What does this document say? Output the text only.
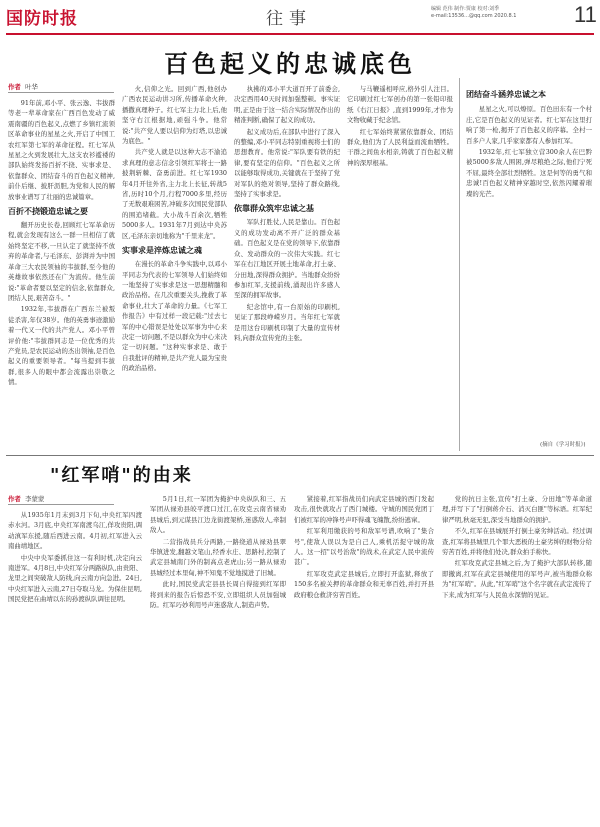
国防时报	往事	编辑 范伟 制作:贾康 校对:刘季
e-mail:13536...@qq.com 2020.8.1	11
百色起义的忠诚底色
作者 叶华

91年前,邓小平、张云逸、韦拔群等老一辈革命家在广西百色发动了威震南疆的百色起义,点燃了乡镇红流领区革命事业的星星之火,开启了中国工农红军第七军的革命征程。红七军从星星之火到发展壮大,这支农衫褴褛的部队始终发扬百折不挠、实事求是、依靠群众、团结奋斗的百色起义精神,前仆后继、披肝沥胆,为党和人民的解放事业谱写了壮丽的忠诚篇章。

百折不挠锻造忠诚之要

翻开历史长卷,回顾红七军革命历程,就会发现有这么一群一旦相信了就始终坚定不移,一旦认定了就坚持不放弃的革命者,与毛泽东、彭湃并为中国革命三大农民领袖的韦拔群,至今他的英雄故事依然还在广为流传。他生前说:"革命者要以坚定的信念,依靠群众,团结人民,艰苦奋斗。"

1932年,韦拔群在广西东兰被叛徒杀害,年仅38岁。他的英勇事迹激励着一代又一代的共产党人。邓小平曾评价他:"韦拔群同志是一位优秀的共产党员,是农民运动的杰出领袖,是百色起义的重要领导者。"每当提到韦拔群,很多人的眼中都会流露出崇敬之情。

火,信仰之光。回到广西,他创办广西农民运动讲习所,传播革命火种,播撒真理种子。红七军主力北上后,他坚守右江根据地,顽强斗争。他常说:"共产党人要以信仰为灯塔,以忠诚为底色。"

共产党人就是以这种大志不渝追求真理的意志信念引领红军将士一路披荆斩棘、奋勇前进。红七军1930年4月开往外省,主力北上长征,转战5省,历时10个月,行程7000多里,经历了无数艰难困苦,冲破多次国民党部队的围追堵截。大小战斗百余次,牺牲5000多人。1931年7月到达中央苏区,毛泽东亲切地称为"千里来龙"。

实事求是淬炼忠诚之魂

在漫长的革命斗争实践中,以邓小平同志为代表的七军领导人们始终如一地坚持了实事求是这一思想精髓和政治品格。在几次重要关头,挽救了革命事业,壮大了革命的力量。《七军工作报告》中有过样一段记载:"过去七军的中心错误是处处以军事为中心来决定一切问题,不是以群众为中心来决定一切问题。"这种实事求是、敢于自我批评的精神,是共产党人最为宝贵的政治品格。

执拂的邓小平大道百开了前委会,决定西用40天时间加强整顿。事实证明,正是由于这一结合实际情况作出的精准判断,确保了起义的成功。

起义成功后,在部队中进行了深入的整编,邓小平同志特别重视将士们的思想教育。他常说:"军队要有铁的纪律,要有坚定的信仰。"百色起义之所以能够取得成功,关键就在于坚持了党对军队的绝对领导,坚持了群众路线,坚持了实事求是。

依靠群众筑牢忠诚之基

军队打胜仗,人民是靠山。百色起义的成功发动离不开广泛的群众基础。百色起义是在党的领导下,依靠群众、发动群众的一次伟大实践。红七军在右江地区开展土地革命,打土豪、分田地,深得群众拥护。当地群众纷纷参加红军,支援前线,涌现出许多感人至深的拥军故事。

纪念馆中,有一台原始的印刷机,见证了那段峥嵘岁月。当年红七军就是用这台印刷机印制了大量的宣传材料,向群众宣传党的主张。

与马鞭遥相呼应,格外引人注目。它印刷过红七军创办的第一张铅印报纸《右江日报》,直到1999年,才作为文物收藏于纪念馆。

红七军始终紧紧依靠群众、团结群众,他们为了人民利益而流血牺牲。干群之间鱼水相亲,铸就了百色起义精神的深厚根基。

团结奋斗涵养忠诚之本

星星之火,可以燎原。百色田东有一个村庄,它是百色起义的见证者。红七军在这里打响了第一枪,揭开了百色起义的序幕。全村一百多户人家,几乎家家都有人参加红军。

1932年,红七军独立营300余人在巴黔被5000多敌人围困,弹尽粮绝之际,他们宁死不屈,最终全部壮烈牺牲。这是何等的勇气和忠诚!百色起义精神穿越时空,依然闪耀着璀璨的光芒。

(摘自《学习时报》)
"红军哨"的由来
作者 李蒙蒙

从1935年1月末到3月下旬,中央红军四渡赤水河。3月底,中央红军南渡乌江,佯攻贵阳,调动滇军东援,随后西进云南。4月初,红军进入云南曲靖地区。

中央中央军委抓住这一有利时机,决定向云南进军。4月8日,中央红军分两路纵队,由贵阳、龙里之间突破敌人防线,向云南方向急进。24日,中央红军进入云南,27日夺取马龙。为保住昆明,国民党把在曲靖以东的孙渡纵队调往昆明。

5月1日,红一军团为掩护中央纵队和三、五军团从禄劝县皎平渡口过江,在攻克云南省禄劝县城后,到元谋县江边龙街渡架桥,迷惑敌人,牵制敌人。

二营指战员兵分两路,一路绕道从禄劝县翠华镇进发,翻越文笔山,经香水庄、思路村,控制了武定县城南门外的制高点老虎山;另一路从禄劝县城经过本里甸,神不知鬼不觉地摸进了旧城。

此时,国民党武定县县长周自得接到红军即将到来的报告后惊恐不安,立即组织人员加强城防。红军巧妙利用号声迷惑敌人,制造声势。

紧接着,红军指战员们向武定县城的西门发起攻击,很快就攻占了西门城楼。守城的国民党团丁们被红军的冲锋号声吓得魂飞魄散,纷纷逃窜。

红军利用缴获的号和敌军号谱,吹响了"集合号",使敌人误以为是自己人,乘机活捉守城的敌人。这一招"以号治敌"的战术,在武定人民中流传甚广。

红军攻克武定县城后,立即打开监狱,释放了150多名被关押的革命群众和无辜百姓,并打开县政府粮仓救济穷苦百姓。

党的抗日主张,宣传"打土豪、分田地"等革命道理,并写下了"打倒蒋介石、消灭白匪"等标语。红军纪律严明,秋毫无犯,深受当地群众的拥护。

不久,红军在县城展开打倒土豪劣绅活动。经过调查,红军将县城里几个罪大恶极的土豪劣绅的财物分给穷苦百姓,并将他们处决,群众拍手称快。

红军攻克武定县城之后,为了掩护大部队转移,随即撤离,红军在武定县城使用的军号声,被当地群众称为"红军哨"。从此,"红军哨"这个名字就在武定流传了下来,成为红军与人民鱼水深情的见证。
